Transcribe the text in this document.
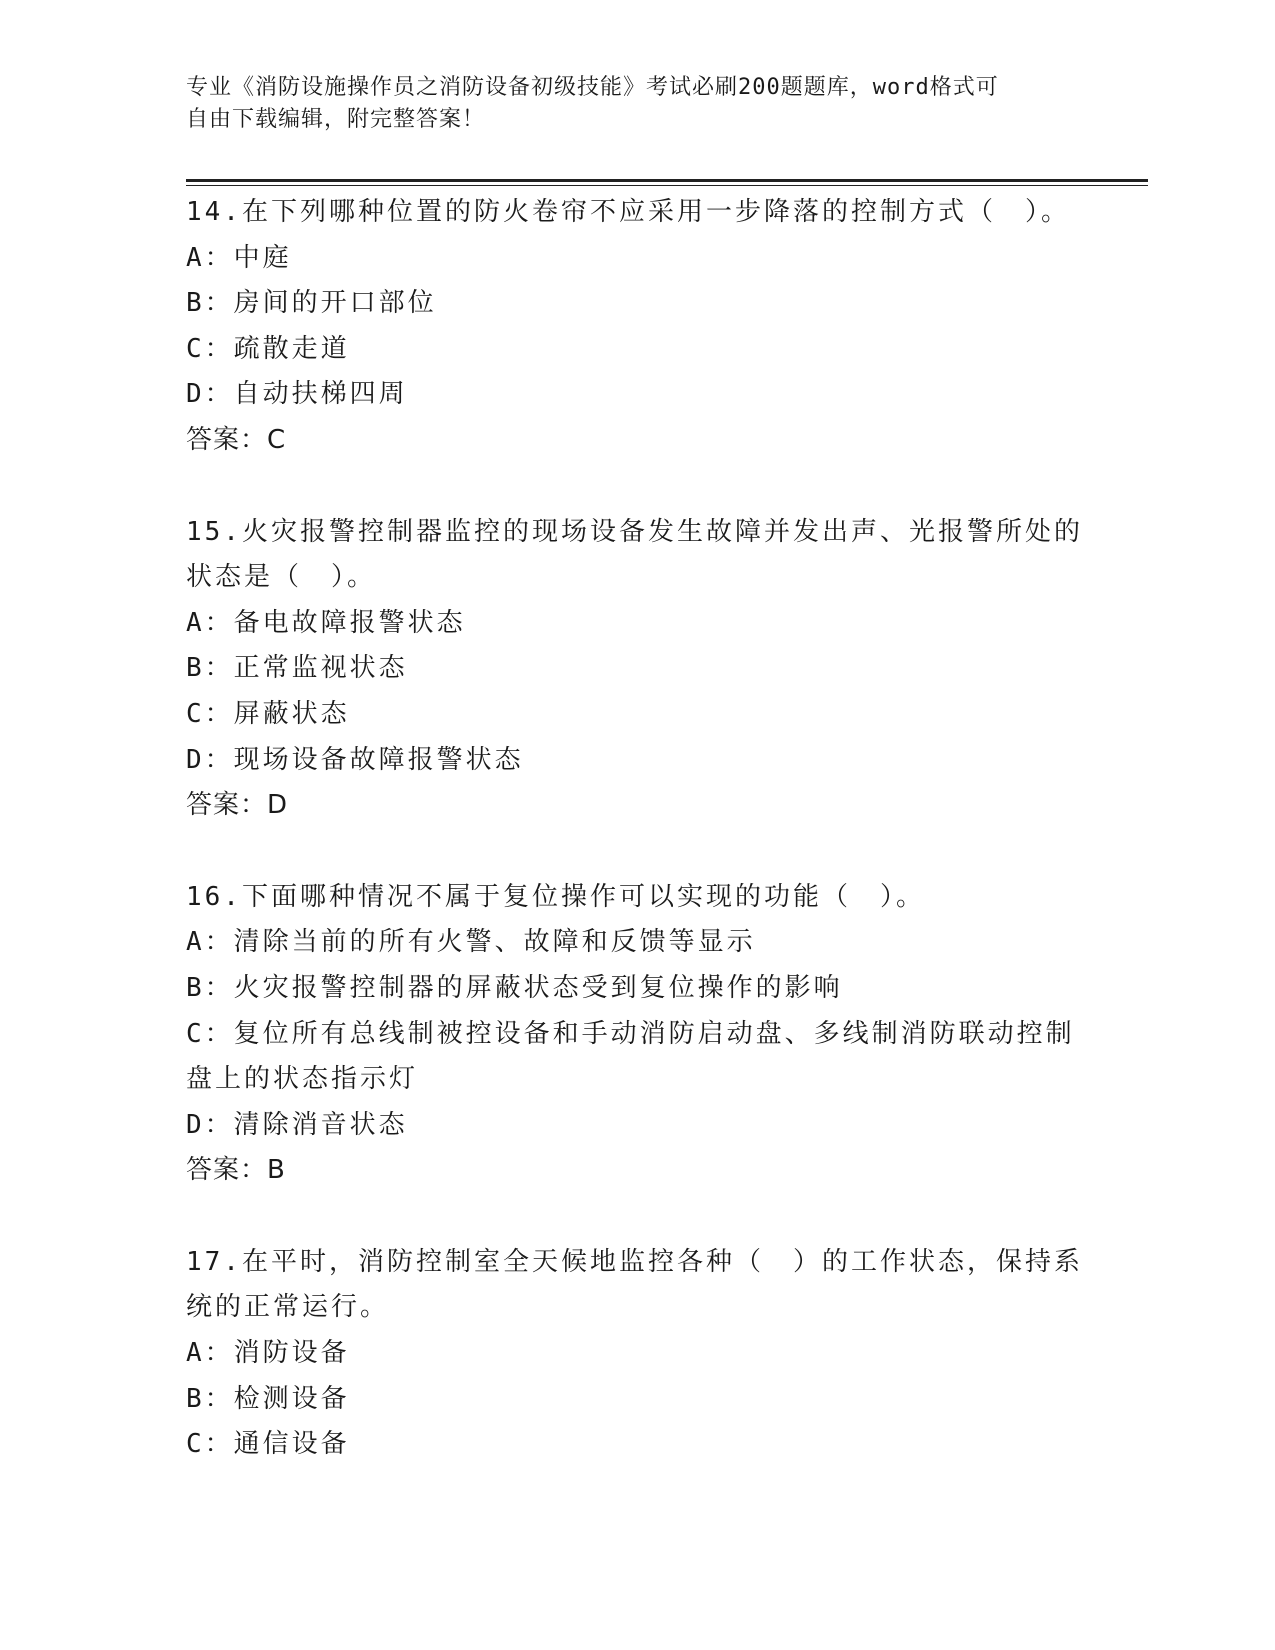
专业《消防设施操作员之消防设备初级技能》考试必刷200题题库，word格式可
自由下载编辑，附完整答案！
14.在下列哪种位置的防火卷帘不应采用一步降落的控制方式（　）。
A：中庭
B：房间的开口部位
C：疏散走道
D：自动扶梯四周
答案：C
15.火灾报警控制器监控的现场设备发生故障并发出声、光报警所处的
状态是（　）。
A：备电故障报警状态
B：正常监视状态
C：屏蔽状态
D：现场设备故障报警状态
答案：D
16.下面哪种情况不属于复位操作可以实现的功能（　）。
A：清除当前的所有火警、故障和反馈等显示
B：火灾报警控制器的屏蔽状态受到复位操作的影响
C：复位所有总线制被控设备和手动消防启动盘、多线制消防联动控制
盘上的状态指示灯
D：清除消音状态
答案：B
17.在平时，消防控制室全天候地监控各种（　）的工作状态，保持系
统的正常运行。
A：消防设备
B：检测设备
C：通信设备
